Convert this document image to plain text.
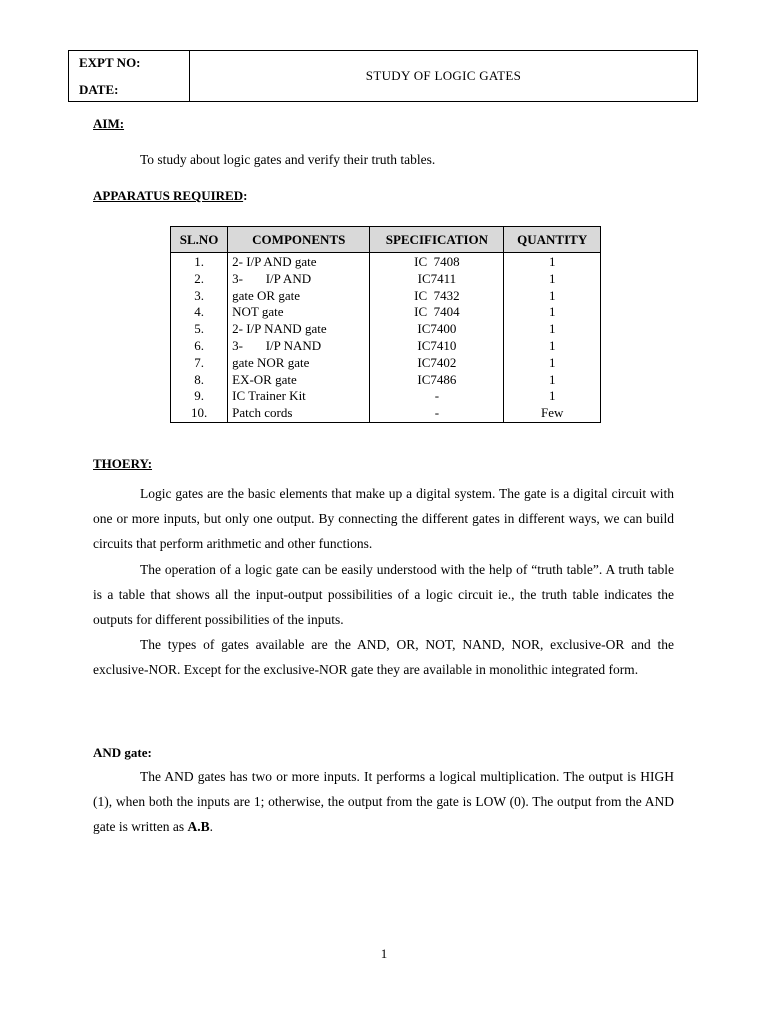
EXPT NO:
DATE:
STUDY OF LOGIC GATES
AIM:

To study about logic gates and verify their truth tables.

APPARATUS REQUIRED:
SL.NO	COMPONENTS	SPECIFICATION	QUANTITY
1.	2- I/P AND gate	IC  7408	1
2.	3-       I/P AND	IC7411	1
3.	gate OR gate	IC  7432	1
4.	NOT gate	IC  7404	1
5.	2- I/P NAND gate	IC7400	1
6.	3-       I/P NAND	IC7410	1
7.	gate NOR gate	IC7402	1
8.	EX-OR gate	IC7486	1
9.	IC Trainer Kit	-	1
10.	Patch cords	-	Few
THOERY:

Logic gates are the basic elements that make up a digital system. The gate is a digital circuit with one or more inputs, but only one output. By connecting the different gates in different ways, we can build circuits that perform arithmetic and other functions.

The operation of a logic gate can be easily understood with the help of “truth table”. A truth table is a table that shows all the input-output possibilities of a logic circuit ie., the truth table indicates the outputs for different possibilities of the inputs.

The types of gates available are the AND, OR, NOT, NAND, NOR, exclusive-OR and the exclusive-NOR. Except for the exclusive-NOR gate they are available in monolithic integrated form.

AND gate:

The AND gates has two or more inputs. It performs a logical multiplication. The output is HIGH (1), when both the inputs are 1; otherwise, the output from the gate is LOW (0). The output from the AND gate is written as A.B.

1
